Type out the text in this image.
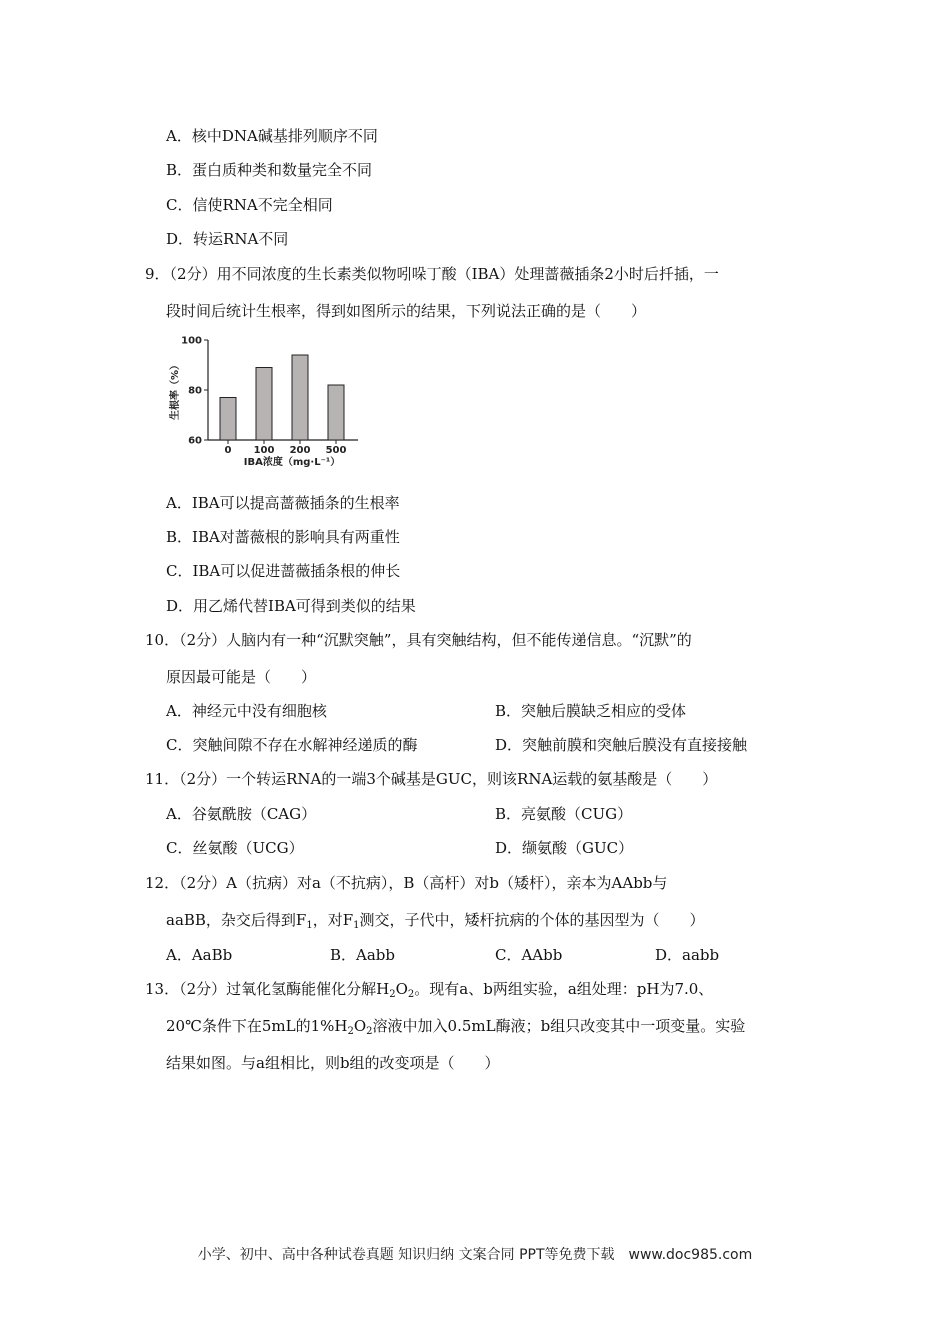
A．核中DNA碱基排列顺序不同
B．蛋白质种类和数量完全不同
C．信使RNA不完全相同
D．转运RNA不同
9．（2分）用不同浓度的生长素类似物吲哚丁酸（IBA）处理蔷薇插条2小时后扦插，一
段时间后统计生根率，得到如图所示的结果，下列说法正确的是（　　）
60
80
100
0 100 200 500
生根率（%）
IBA浓度（mg·L⁻¹）
A．IBA可以提高蔷薇插条的生根率
B．IBA对蔷薇根的影响具有两重性
C．IBA可以促进蔷薇插条根的伸长
D．用乙烯代替IBA可得到类似的结果
10．（2分）人脑内有一种“沉默突触”，具有突触结构，但不能传递信息。“沉默”的
原因最可能是（　　）
A．神经元中没有细胞核	B．突触后膜缺乏相应的受体
C．突触间隙不存在水解神经递质的酶	D．突触前膜和突触后膜没有直接接触
11．（2分）一个转运RNA的一端3个碱基是GUC，则该RNA运载的氨基酸是（　　）
A．谷氨酰胺（CAG）	B．亮氨酸（CUG）
C．丝氨酸（UCG）	D．缬氨酸（GUC）
12．（2分）A（抗病）对a（不抗病），B（高杆）对b（矮杆），亲本为AAbb与
aaBB，杂交后得到$F_1$，对$F_1$测交，子代中，矮杆抗病的个体的基因型为（　　）
A．AaBb	B．Aabb	C．AAbb	D．aabb
13．（2分）过氧化氢酶能催化分解$H_2O_2$。现有a、b两组实验，a组处理：pH为7.0、
20℃条件下在5mL的$1\%H_2O_2$溶液中加入0.5mL酶液；b组只改变其中一项变量。实验
结果如图。与a组相比，则b组的改变项是（　　）
小学、初中、高中各种试卷真题 知识归纳 文案合同 PPT等免费下载　www.doc985.com
